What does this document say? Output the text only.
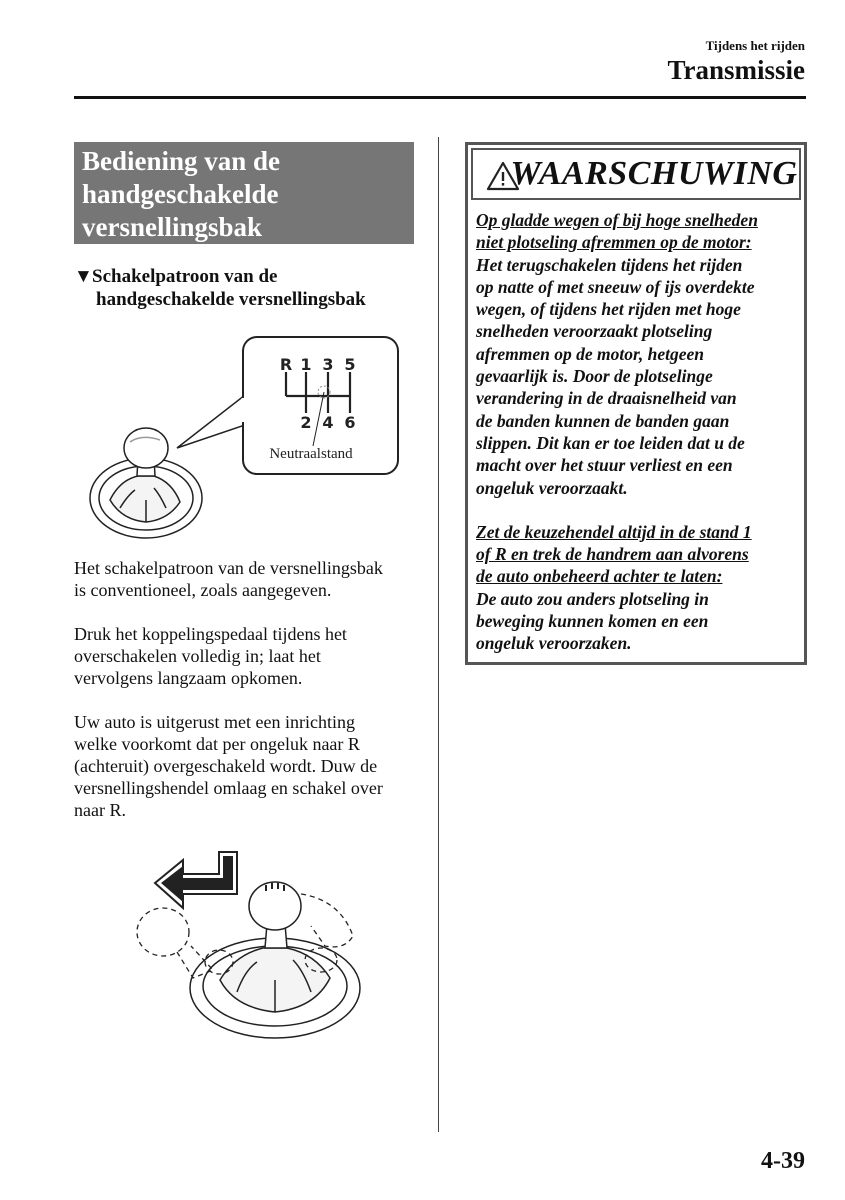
Tijdens het rijden
Transmissie
Bediening van de
handgeschakelde
versnellingsbak
▼Schakelpatroon van de
handgeschakelde versnellingsbak
R 1 3 5
2 4 6
Neutraalstand
Het schakelpatroon van de versnellingsbak
is conventioneel, zoals aangegeven.
Druk het koppelingspedaal tijdens het
overschakelen volledig in; laat het
vervolgens langzaam opkomen.
Uw auto is uitgerust met een inrichting
welke voorkomt dat per ongeluk naar R
(achteruit) overgeschakeld wordt. Duw de
versnellingshendel omlaag en schakel over
naar R.
WAARSCHUWING

Op gladde wegen of bij hoge snelheden
niet plotseling afremmen op de motor:
Het terugschakelen tijdens het rijden
op natte of met sneeuw of ijs overdekte
wegen, of tijdens het rijden met hoge
snelheden veroorzaakt plotseling
afremmen op de motor, hetgeen
gevaarlijk is. Door de plotselinge
verandering in de draaisnelheid van
de banden kunnen de banden gaan
slippen. Dit kan er toe leiden dat u de
macht over het stuur verliest en een
ongeluk veroorzaakt.

Zet de keuzehendel altijd in de stand 1
of R en trek de handrem aan alvorens
de auto onbeheerd achter te laten:
De auto zou anders plotseling in
beweging kunnen komen en een
ongeluk veroorzaken.

4-39
